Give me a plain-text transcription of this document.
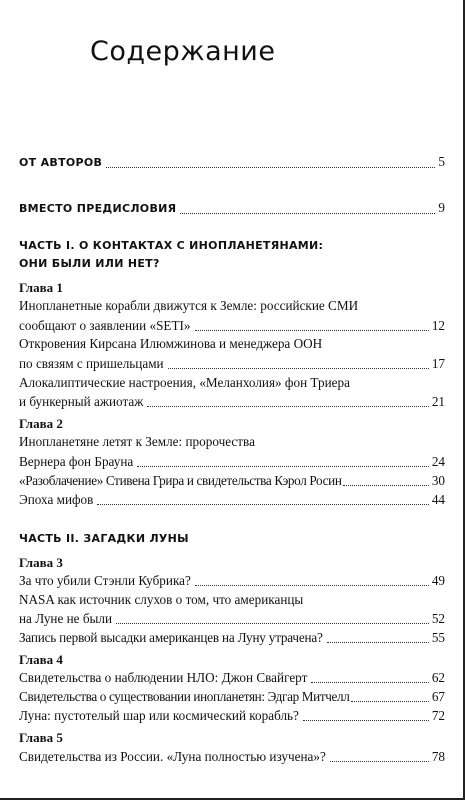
Содержание
ОТ АВТОРОВ	5
ВМЕСТО ПРЕДИСЛОВИЯ	9
ЧАСТЬ I. О КОНТАКТАХ С ИНОПЛАНЕТЯНАМИ:
ОНИ БЫЛИ ИЛИ НЕТ?
Глава 1
Инопланетные корабли движутся к Земле: российские СМИ
сообщают о заявлении «SETI»	12
Откровения Кирсана Илюмжинова и менеджера ООН
по связям с пришельцами	17
Алокалиптические настроения, «Меланхолия» фон Триера
и бункерный ажиотаж	21
Глава 2
Инопланетяне летят к Земле: пророчества
Вернера фон Брауна	24
«Разоблачение» Стивена Грира и свидетельства Кэрол Росин	30
Эпоха мифов	44
ЧАСТЬ II. ЗАГАДКИ ЛУНЫ
Глава 3
За что убили Стэнли Кубрика?	49
NASA как источник слухов о том, что американцы
на Луне не были	52
Запись первой высадки американцев на Луну утрачена?	55
Глава 4
Свидетельства о наблюдении НЛО: Джон Свайгерт	62
Свидетельства о существовании инопланетян: Эдгар Митчелл	67
Луна: пустотелый шар или космический корабль?	72
Глава 5
Свидетельства из России. «Луна полностью изучена»?	78
